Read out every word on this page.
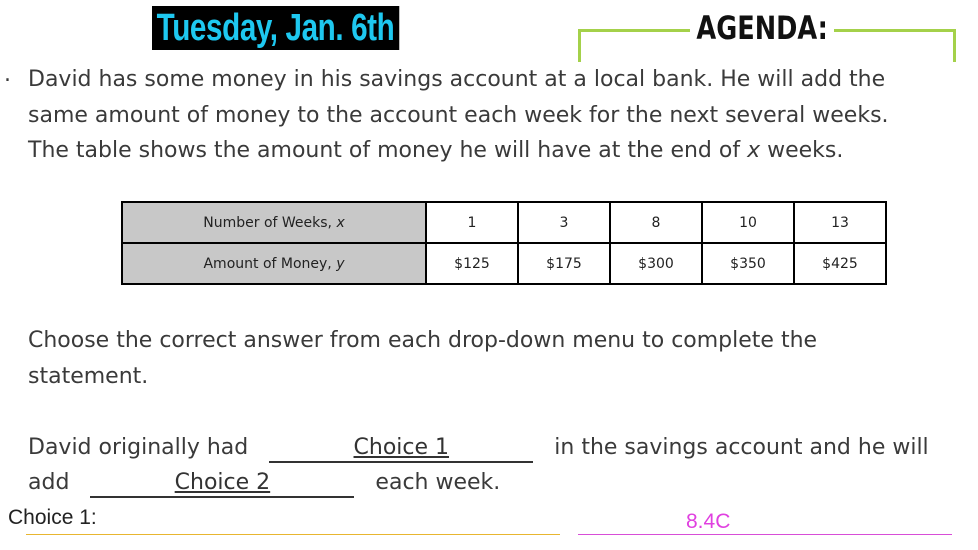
Tuesday, Jan. 6th	AGENDA:
. David has some money in his savings account at a local bank. He will add the
same amount of money to the account each week for the next several weeks.
The table shows the amount of money he will have at the end of x weeks.
Number of Weeks, x	1	3	8	10	13
Amount of Money, y	$125	$175	$300	$350	$425
Choose the correct answer from each drop-down menu to complete the statement.
David originally had	Choice 1	in the savings account and he will
add	Choice 2	each week.
Choice 1:	8.4C
